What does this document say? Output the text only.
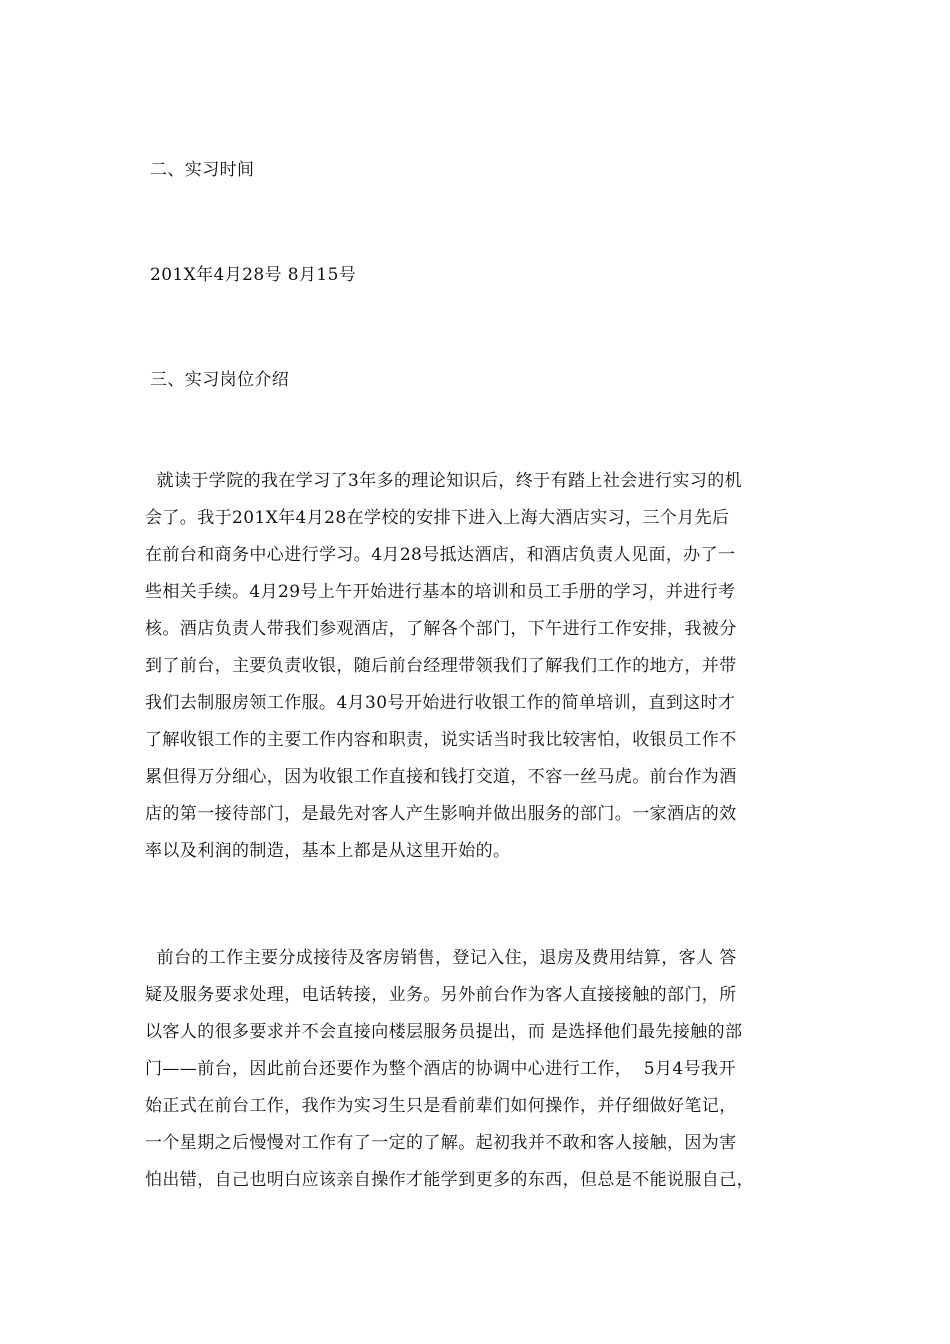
二、实习时间
201X年4月28号 8月15号
三、实习岗位介绍
就读于学院的我在学习了3年多的理论知识后，终于有踏上社会进行实习的机
会了。我于201X年4月28在学校的安排下进入上海大酒店实习，三个月先后
在前台和商务中心进行学习。4月28号抵达酒店，和酒店负责人见面，办了一
些相关手续。4月29号上午开始进行基本的培训和员工手册的学习，并进行考
核。酒店负责人带我们参观酒店，了解各个部门，下午进行工作安排，我被分
到了前台，主要负责收银，随后前台经理带领我们了解我们工作的地方，并带
我们去制服房领工作服。4月30号开始进行收银工作的简单培训，直到这时才
了解收银工作的主要工作内容和职责，说实话当时我比较害怕，收银员工作不
累但得万分细心，因为收银工作直接和钱打交道，不容一丝马虎。前台作为酒
店的第一接待部门，是最先对客人产生影响并做出服务的部门。一家酒店的效
率以及利润的制造，基本上都是从这里开始的。
前台的工作主要分成接待及客房销售，登记入住，退房及费用结算，客人 答
疑及服务要求处理，电话转接，业务。另外前台作为客人直接接触的部门，所
以客人的很多要求并不会直接向楼层服务员提出，而 是选择他们最先接触的部
门——前台，因此前台还要作为整个酒店的协调中心进行工作，  5月4号我开
始正式在前台工作，我作为实习生只是看前辈们如何操作，并仔细做好笔记，
一个星期之后慢慢对工作有了一定的了解。起初我并不敢和客人接触，因为害
怕出错，自己也明白应该亲自操作才能学到更多的东西，但总是不能说服自己，
